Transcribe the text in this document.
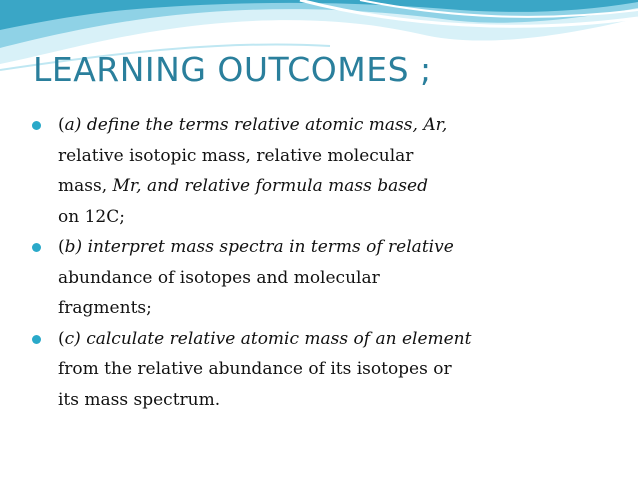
LEARNING OUTCOMES ;
(a) define the terms relative atomic mass, Ar,
relative isotopic mass, relative molecular
mass, Mr, and relative formula mass based
on 12C;
(b) interpret mass spectra in terms of relative
abundance of isotopes and molecular
fragments;
(c) calculate relative atomic mass of an element
from the relative abundance of its isotopes or
its mass spectrum.
